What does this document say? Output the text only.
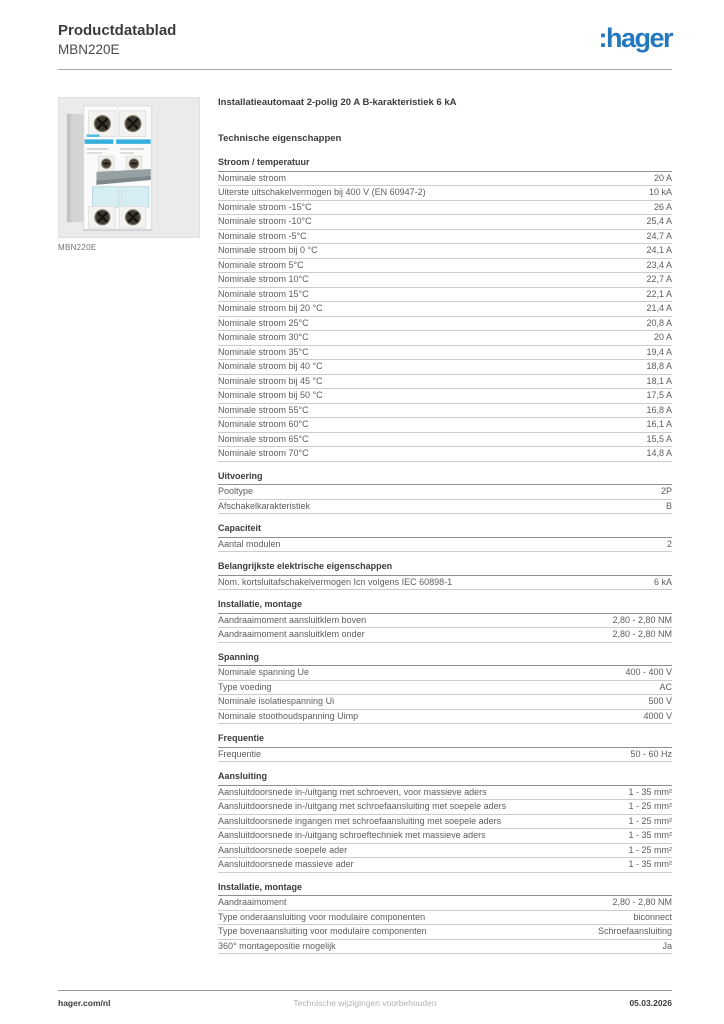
Productdatablad
MBN220E	:hager
MBN220E
Installatieautomaat 2-polig 20 A B-karakteristiek 6 kA
Technische eigenschappen
Stroom / temperatuur
Nominale stroom	20 A
Uiterste uitschakelvermogen bij 400 V (EN 60947-2)	10 kA
Nominale stroom -15°C	26 A
Nominale stroom -10°C	25,4 A
Nominale stroom -5°C	24,7 A
Nominale stroom bij 0 °C	24,1 A
Nominale stroom 5°C	23,4 A
Nominale stroom 10°C	22,7 A
Nominale stroom 15°C	22,1 A
Nominale stroom bij 20 °C	21,4 A
Nominale stroom 25°C	20,8 A
Nominale stroom 30°C	20 A
Nominale stroom 35°C	19,4 A
Nominale stroom bij 40 °C	18,8 A
Nominale stroom bij 45 °C	18,1 A
Nominale stroom bij 50 °C	17,5 A
Nominale stroom 55°C	16,8 A
Nominale stroom 60°C	16,1 A
Nominale stroom 65°C	15,5 A
Nominale stroom 70°C	14,8 A
Uitvoering
Pooltype	2P
Afschakelkarakteristiek	B
Capaciteit
Aantal modulen	2
Belangrijkste elektrische eigenschappen
Nom. kortsluitafschakelvermogen Icn volgens IEC 60898-1	6 kA
Installatie, montage
Aandraaimoment aansluitklem boven	2,80 - 2,80 NM
Aandraaimoment aansluitklem onder	2,80 - 2,80 NM
Spanning
Nominale spanning Ue	400 - 400 V
Type voeding	AC
Nominale isolatiespanning Ui	500 V
Nominale stoothoudspanning Uimp	4000 V
Frequentie
Frequentie	50 - 60 Hz
Aansluiting
Aansluitdoorsnede in-/uitgang met schroeven, voor massieve aders	1 - 35 mm²
Aansluitdoorsnede in-/uitgang met schroefaansluiting met soepele aders	1 - 25 mm²
Aansluitdoorsnede ingangen met schroefaansluiting met soepele aders	1 - 25 mm²
Aansluitdoorsnede in-/uitgang schroeftechniek met massieve aders	1 - 35 mm²
Aansluitdoorsnede soepele ader	1 - 25 mm²
Aansluitdoorsnede massieve ader	1 - 35 mm²
Installatie, montage
Aandraaimoment	2,80 - 2,80 NM
Type onderaansluiting voor modulaire componenten	biconnect
Type bovenaansluiting voor modulaire componenten	Schroefaansluiting
360° montagepositie mogelijk	Ja
hager.com/nl	Technische wijzigingen voorbehouden	05.03.2026
